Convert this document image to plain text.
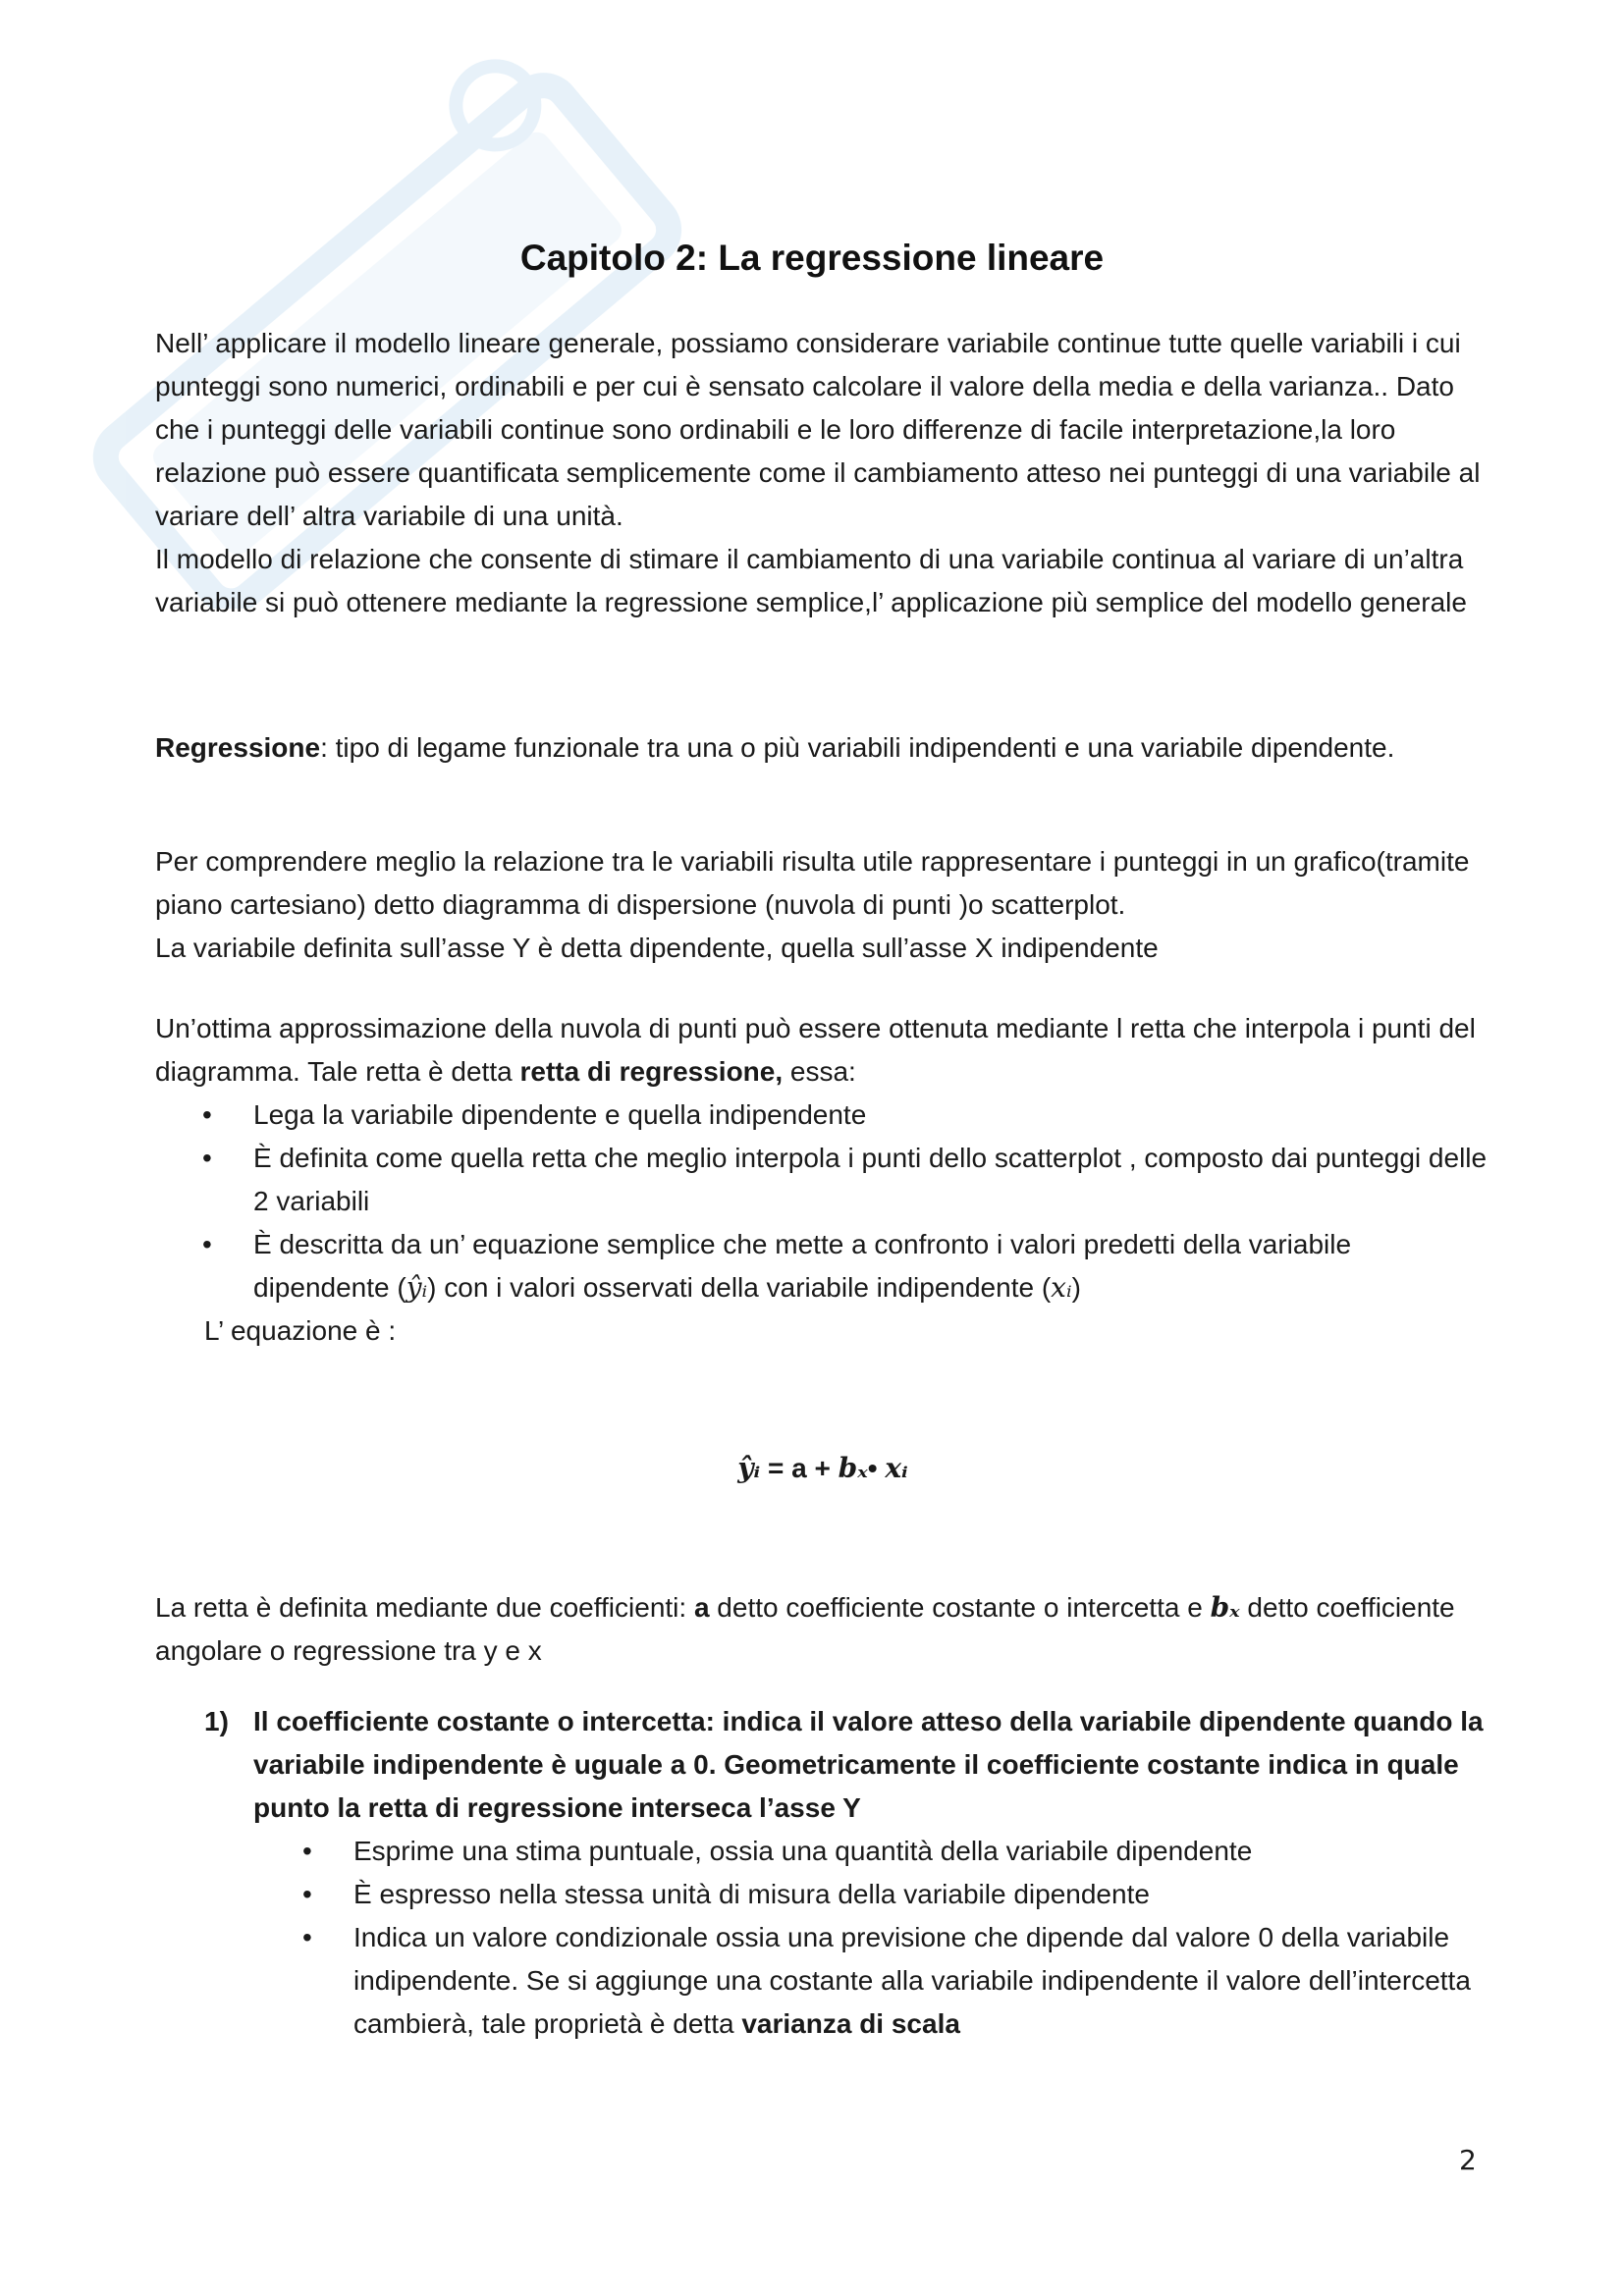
Capitolo 2: La regressione lineare

Nell’ applicare il modello lineare generale, possiamo considerare variabile continue tutte quelle variabili i cui punteggi sono numerici, ordinabili e per cui è sensato calcolare il valore della media e della varianza.. Dato che i punteggi delle variabili continue sono ordinabili e le loro differenze di facile interpretazione,la loro relazione può essere quantificata semplicemente come il cambiamento atteso nei punteggi di una variabile al variare dell’ altra variabile di una unità.

Il modello di relazione che consente di stimare il cambiamento di una variabile continua al variare di un’altra variabile si può ottenere mediante la regressione semplice,l’ applicazione più semplice del modello generale

Regressione: tipo di legame funzionale tra una o più variabili indipendenti e una variabile dipendente.

Per comprendere meglio la relazione tra le variabili risulta utile rappresentare i punteggi in un grafico(tramite piano cartesiano) detto diagramma di dispersione (nuvola di punti )o scatterplot.

La variabile definita sull’asse Y è detta dipendente, quella sull’asse X indipendente

Un’ottima approssimazione della nuvola di punti può essere ottenuta mediante l retta che interpola i punti del diagramma. Tale retta è detta retta di regressione, essa:

• Lega la variabile dipendente e quella indipendente
• È definita come quella retta che meglio interpola i punti dello scatterplot , composto dai punteggi delle 2 variabili
• È descritta da un’ equazione semplice che mette a confronto i valori predetti della variabile dipendente (ŷᵢ) con i valori osservati della variabile indipendente (xᵢ)

L’ equazione è :

ŷᵢ = a + bₓ• xᵢ

La retta è definita mediante due coefficienti: a detto coefficiente costante o intercetta e bₓ detto coefficiente angolare o regressione tra y e x

1) Il coefficiente costante o intercetta: indica il valore atteso della variabile dipendente quando la variabile indipendente è uguale a 0. Geometricamente il coefficiente costante indica in quale punto la retta di regressione interseca l’asse Y
• Esprime una stima puntuale, ossia una quantità della variabile dipendente
• È espresso nella stessa unità di misura della variabile dipendente
• Indica un valore condizionale ossia una previsione che dipende dal valore 0 della variabile indipendente. Se si aggiunge una costante alla variabile indipendente il valore dell’intercetta cambierà, tale proprietà è detta varianza di scala
2
